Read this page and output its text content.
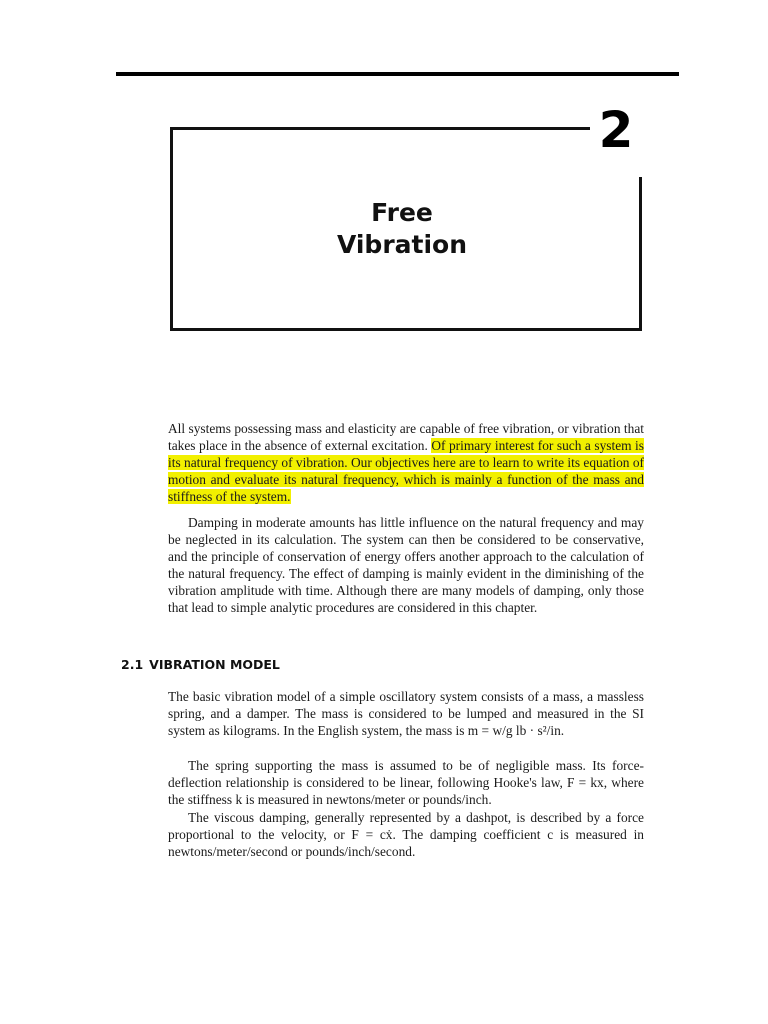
2
Free
Vibration

All systems possessing mass and elasticity are capable of free vibration, or vibration that takes place in the absence of external excitation. Of primary interest for such a system is its natural frequency of vibration. Our objectives here are to learn to write its equation of motion and evaluate its natural frequency, which is mainly a function of the mass and stiffness of the system.

Damping in moderate amounts has little influence on the natural frequency and may be neglected in its calculation. The system can then be considered to be conservative, and the principle of conservation of energy offers another approach to the calculation of the natural frequency. The effect of damping is mainly evident in the diminishing of the vibration amplitude with time. Although there are many models of damping, only those that lead to simple analytic procedures are considered in this chapter.

2.1 VIBRATION MODEL

The basic vibration model of a simple oscillatory system consists of a mass, a massless spring, and a damper. The mass is considered to be lumped and measured in the SI system as kilograms. In the English system, the mass is m = w/g lb · s²/in.

The spring supporting the mass is assumed to be of negligible mass. Its force-deflection relationship is considered to be linear, following Hooke's law, F = kx, where the stiffness k is measured in newtons/meter or pounds/inch.

The viscous damping, generally represented by a dashpot, is described by a force proportional to the velocity, or F = cẋ. The damping coefficient c is measured in newtons/meter/second or pounds/inch/second.
